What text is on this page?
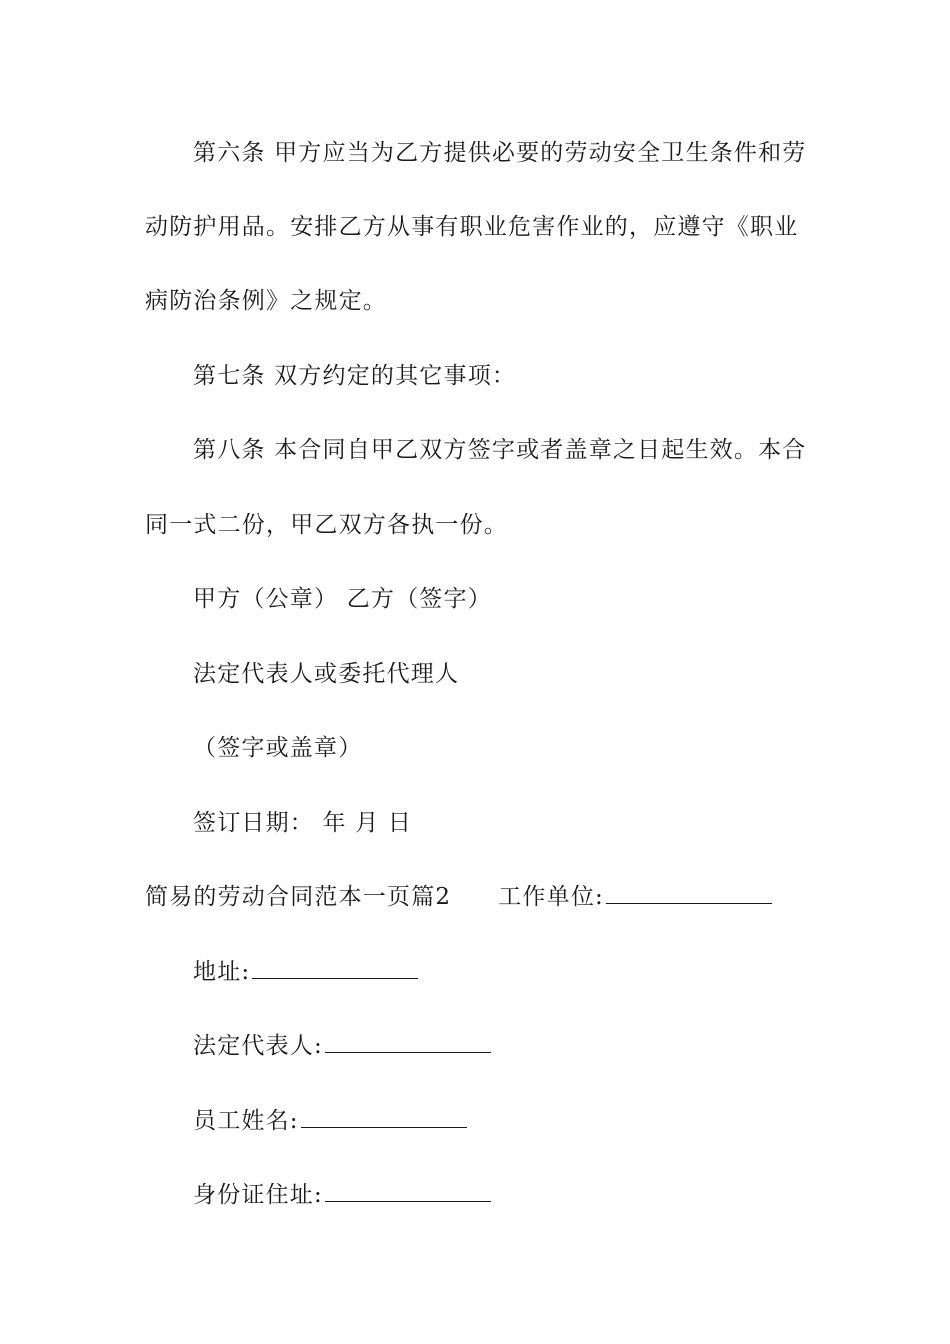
第六条 甲方应当为乙方提供必要的劳动安全卫生条件和劳
动防护用品。安排乙方从事有职业危害作业的，应遵守《职业
病防治条例》之规定。
第七条 双方约定的其它事项：
第八条 本合同自甲乙双方签字或者盖章之日起生效。本合
同一式二份，甲乙双方各执一份。
甲方（公章） 乙方（签字）
法定代表人或委托代理人
（签字或盖章）
签订日期： 年 月 日
简易的劳动合同范本一页篇2 工作单位:
地址:
法定代表人:
员工姓名:
身份证住址:
